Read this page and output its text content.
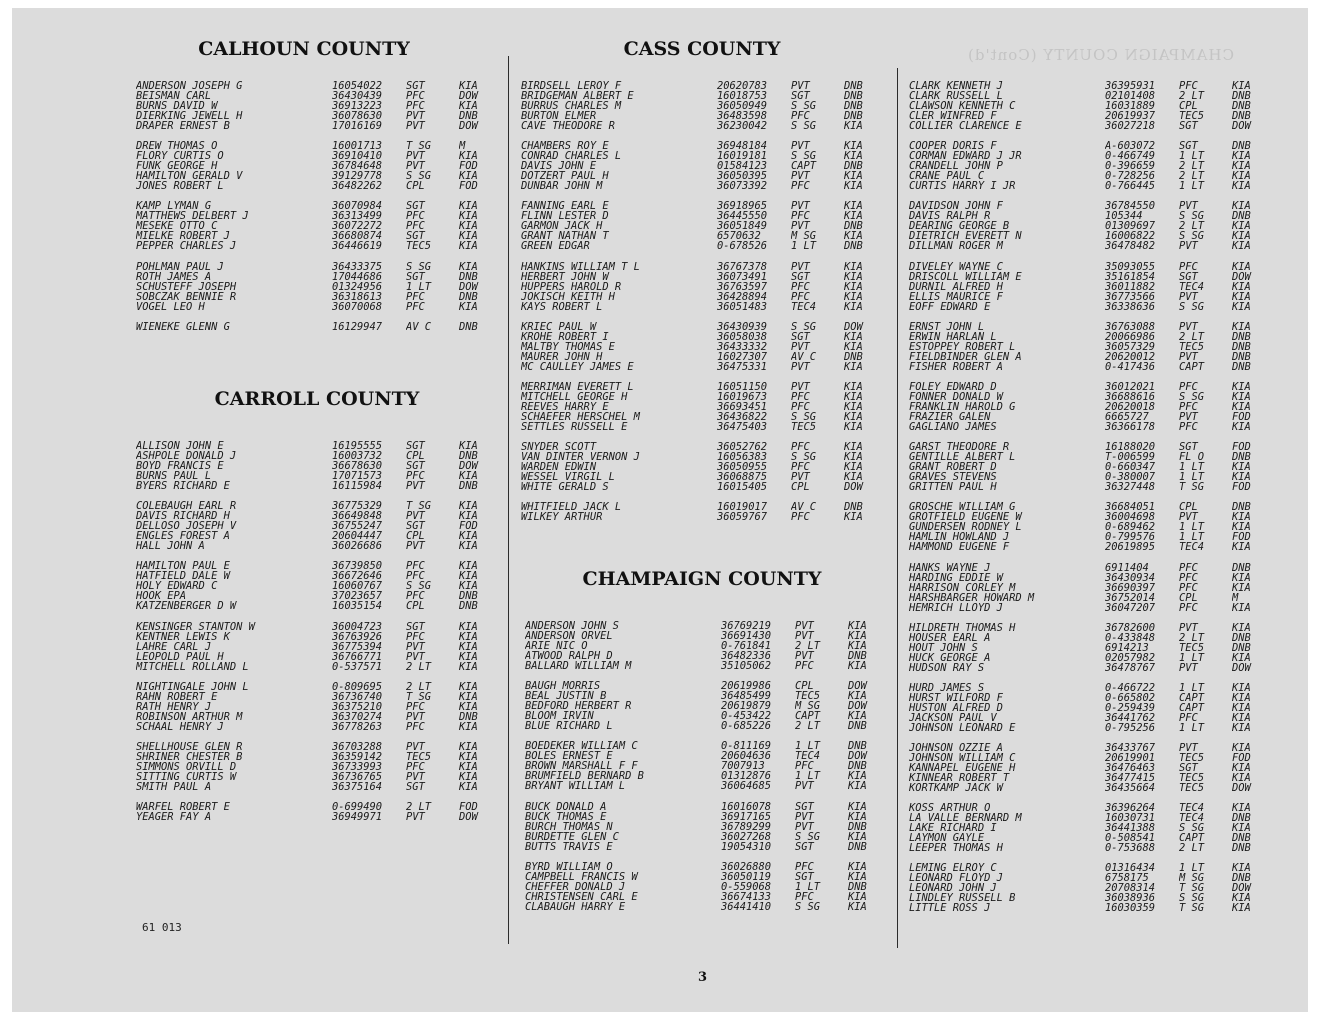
CHAMPAIGN COUNTY (Cont'd)
CALHOUN COUNTY
CARROLL COUNTY
CASS COUNTY
CHAMPAIGN COUNTY
ANDERSON JOSEPH G	16054022	SGT	KIA
BEISMAN CARL	36430439	PFC	DOW
BURNS DAVID W	36913223	PFC	KIA
DIERKING JEWELL H	36078630	PVT	DNB
DRAPER ERNEST B	17016169	PVT	DOW
DREW THOMAS O	16001713	T SG	M
FLORY CURTIS O	36910410	PVT	KIA
FUNK GEORGE H	36784648	PVT	FOD
HAMILTON GERALD V	39129778	S SG	KIA
JONES ROBERT L	36482262	CPL	FOD
KAMP LYMAN G	36070984	SGT	KIA
MATTHEWS DELBERT J	36313499	PFC	KIA
MESEKE OTTO C	36072272	PFC	KIA
MIELKE ROBERT J	36680874	SGT	KIA
PEPPER CHARLES J	36446619	TEC5	KIA
POHLMAN PAUL J	36433375	S SG	KIA
ROTH JAMES A	17044686	SGT	DNB
SCHUSTEFF JOSEPH	01324956	1 LT	DOW
SOBCZAK BENNIE R	36318613	PFC	DNB
VOGEL LEO H	36070068	PFC	KIA
WIENEKE GLENN G	16129947	AV C	DNB
ALLISON JOHN E	16195555	SGT	KIA
ASHPOLE DONALD J	16003732	CPL	DNB
BOYD FRANCIS E	36678630	SGT	DOW
BURNS PAUL L	17071573	PFC	KIA
BYERS RICHARD E	16115984	PVT	DNB
COLEBAUGH EARL R	36775329	T SG	KIA
DAVIS RICHARD H	36649848	PVT	KIA
DELLOSO JOSEPH V	36755247	SGT	FOD
ENGLES FOREST A	20604447	CPL	KIA
HALL JOHN A	36026686	PVT	KIA
HAMILTON PAUL E	36739850	PFC	KIA
HATFIELD DALE W	36672646	PFC	KIA
HOLY EDWARD C	16060767	S SG	KIA
HOOK EPA	37023657	PFC	DNB
KATZENBERGER D W	16035154	CPL	DNB
KENSINGER STANTON W	36004723	SGT	KIA
KENTNER LEWIS K	36763926	PFC	KIA
LAHRE CARL J	36775394	PVT	KIA
LEOPOLD PAUL H	36766771	PVT	KIA
MITCHELL ROLLAND L	0-537571	2 LT	KIA
NIGHTINGALE JOHN L	0-809695	2 LT	KIA
RAHN ROBERT E	36736740	T SG	KIA
RATH HENRY J	36375210	PFC	KIA
ROBINSON ARTHUR M	36370274	PVT	DNB
SCHAAL HENRY J	36778263	PFC	KIA
SHELLHOUSE GLEN R	36703288	PVT	KIA
SHRINER CHESTER B	36359142	TEC5	KIA
SIMMONS ORVILL D	36733993	PFC	KIA
SITTING CURTIS W	36736765	PVT	KIA
SMITH PAUL A	36375164	SGT	KIA
WARFEL ROBERT E	0-699490	2 LT	FOD
YEAGER FAY A	36949971	PVT	DOW
BIRDSELL LEROY F	20620783	PVT	DNB
BRIDGEMAN ALBERT E	16018753	SGT	DNB
BURRUS CHARLES M	36050949	S SG	DNB
BURTON ELMER	36483598	PFC	DNB
CAVE THEODORE R	36230042	S SG	KIA
CHAMBERS ROY E	36948184	PVT	KIA
CONRAD CHARLES L	16019181	S SG	KIA
DAVIS JOHN E	01584123	CAPT	DNB
DOTZERT PAUL H	36050395	PVT	KIA
DUNBAR JOHN M	36073392	PFC	KIA
FANNING EARL E	36918965	PVT	KIA
FLINN LESTER D	36445550	PFC	KIA
GARMON JACK H	36051849	PVT	DNB
GRANT NATHAN T	6570632	M SG	KIA
GREEN EDGAR	0-678526	1 LT	DNB
HANKINS WILLIAM T L	36767378	PVT	KIA
HERBERT JOHN W	36073491	SGT	KIA
HUPPERS HAROLD R	36763597	PFC	KIA
JOKISCH KEITH H	36428894	PFC	KIA
KAYS ROBERT L	36051483	TEC4	KIA
KRIEC PAUL W	36430939	S SG	DOW
KROHE ROBERT I	36058038	SGT	KIA
MALTBY THOMAS E	36433332	PVT	KIA
MAURER JOHN H	16027307	AV C	DNB
MC CAULLEY JAMES E	36475331	PVT	KIA
MERRIMAN EVERETT L	16051150	PVT	KIA
MITCHELL GEORGE H	16019673	PFC	KIA
REEVES HARRY E	36693451	PFC	KIA
SCHAEFER HERSCHEL M	36436822	S SG	KIA
SETTLES RUSSELL E	36475403	TEC5	KIA
SNYDER SCOTT	36052762	PFC	KIA
VAN DINTER VERNON J	16056383	S SG	KIA
WARDEN EDWIN	36050955	PFC	KIA
WESSEL VIRGIL L	36068875	PVT	KIA
WHITE GERALD S	16015405	CPL	DOW
WHITFIELD JACK L	16019017	AV C	DNB
WILKEY ARTHUR	36059767	PFC	KIA
ANDERSON JOHN S	36769219	PVT	KIA
ANDERSON ORVEL	36691430	PVT	KIA
ARIE NIC O	0-761841	2 LT	KIA
ATWOOD RALPH D	36482336	PVT	DNB
BALLARD WILLIAM M	35105062	PFC	KIA
BAUGH MORRIS	20619986	CPL	DOW
BEAL JUSTIN B	36485499	TEC5	KIA
BEDFORD HERBERT R	20619879	M SG	DOW
BLOOM IRVIN	0-453422	CAPT	KIA
BLUE RICHARD L	0-685226	2 LT	DNB
BOEDEKER WILLIAM C	0-811169	1 LT	DNB
BOLES ERNEST E	20604636	TEC4	DOW
BROWN MARSHALL F F	7007913	PFC	DNB
BRUMFIELD BERNARD B	01312876	1 LT	KIA
BRYANT WILLIAM L	36064685	PVT	KIA
BUCK DONALD A	16016078	SGT	KIA
BUCK THOMAS E	36917165	PVT	KIA
BURCH THOMAS N	36789299	PVT	DNB
BURDETTE GLEN C	36027268	S SG	KIA
BUTTS TRAVIS E	19054310	SGT	DNB
BYRD WILLIAM O	36026880	PFC	KIA
CAMPBELL FRANCIS W	36050119	SGT	KIA
CHEFFER DONALD J	0-559068	1 LT	DNB
CHRISTENSEN CARL E	36674133	PFC	KIA
CLABAUGH HARRY E	36441410	S SG	KIA
CLARK KENNETH J	36395931	PFC	KIA
CLARK RUSSELL L	02101408	2 LT	DNB
CLAWSON KENNETH C	16031889	CPL	DNB
CLER WINFRED F	20619937	TEC5	DNB
COLLIER CLARENCE E	36027218	SGT	DOW
COOPER DORIS F	A-603072	SGT	DNB
CORMAN EDWARD J JR	0-466749	1 LT	KIA
CRANDELL JOHN P	0-396659	2 LT	KIA
CRANE PAUL C	0-728256	2 LT	KIA
CURTIS HARRY I JR	0-766445	1 LT	KIA
DAVIDSON JOHN F	36784550	PVT	KIA
DAVIS RALPH R	105344	S SG	DNB
DEARING GEORGE B	01309697	2 LT	KIA
DIETRICH EVERETT N	16006822	S SG	KIA
DILLMAN ROGER M	36478482	PVT	KIA
DIVELEY WAYNE C	35093055	PFC	KIA
DRISCOLL WILLIAM E	35161854	SGT	DOW
DURNIL ALFRED H	36011882	TEC4	KIA
ELLIS MAURICE F	36773566	PVT	KIA
EOFF EDWARD E	36338636	S SG	KIA
ERNST JOHN L	36763088	PVT	KIA
ERWIN HARLAN L	20066986	2 LT	DNB
ESTOPPEY ROBERT L	36057329	TEC5	DNB
FIELDBINDER GLEN A	20620012	PVT	DNB
FISHER ROBERT A	0-417436	CAPT	DNB
FOLEY EDWARD D	36012021	PFC	KIA
FONNER DONALD W	36688616	S SG	KIA
FRANKLIN HAROLD G	20620018	PFC	KIA
FRAZIER GALEN	6665727	PVT	FOD
GAGLIANO JAMES	36366178	PFC	KIA
GARST THEODORE R	16188020	SGT	FOD
GENTILLE ALBERT L	T-006599	FL O	DNB
GRANT ROBERT D	0-660347	1 LT	KIA
GRAVES STEVENS	0-380007	1 LT	KIA
GRITTEN PAUL H	36327448	T SG	FOD
GROSCHE WILLIAM G	36684051	CPL	DNB
GROTFIELD EUGENE W	36004698	PVT	KIA
GUNDERSEN RODNEY L	0-689462	1 LT	KIA
HAMLIN HOWLAND J	0-799576	1 LT	FOD
HAMMOND EUGENE F	20619895	TEC4	KIA
HANKS WAYNE J	6911404	PFC	DNB
HARDING EDDIE W	36430934	PFC	KIA
HARRISON CORLEY M	36690397	PFC	KIA
HARSHBARGER HOWARD M	36752014	CPL	M
HEMRICH LLOYD J	36047207	PFC	KIA
HILDRETH THOMAS H	36782600	PVT	KIA
HOUSER EARL A	0-433848	2 LT	DNB
HOUT JOHN S	6914213	TEC5	DNB
HUCK GEORGE A	02057982	1 LT	KIA
HUDSON RAY S	36478767	PVT	DOW
HURD JAMES S	0-466722	1 LT	KIA
HURST WILFORD F	0-665802	CAPT	KIA
HUSTON ALFRED D	0-259439	CAPT	KIA
JACKSON PAUL V	36441762	PFC	KIA
JOHNSON LEONARD E	0-795256	1 LT	KIA
JOHNSON OZZIE A	36433767	PVT	KIA
JOHNSON WILLIAM C	20619901	TEC5	FOD
KANNAPEL EUGENE H	36476463	SGT	KIA
KINNEAR ROBERT T	36477415	TEC5	KIA
KORTKAMP JACK W	36435664	TEC5	DOW
KOSS ARTHUR O	36396264	TEC4	KIA
LA VALLE BERNARD M	16030731	TEC4	DNB
LAKE RICHARD I	36441388	S SG	KIA
LAYMON GAYLE	0-508541	CAPT	DNB
LEEPER THOMAS H	0-753688	2 LT	DNB
LEMING ELROY C	01316434	1 LT	KIA
LEONARD FLOYD J	6758175	M SG	DNB
LEONARD JOHN J	20708314	T SG	DOW
LINDLEY RUSSELL B	36038936	S SG	KIA
LITTLE ROSS J	16030359	T SG	KIA
61 013
3
